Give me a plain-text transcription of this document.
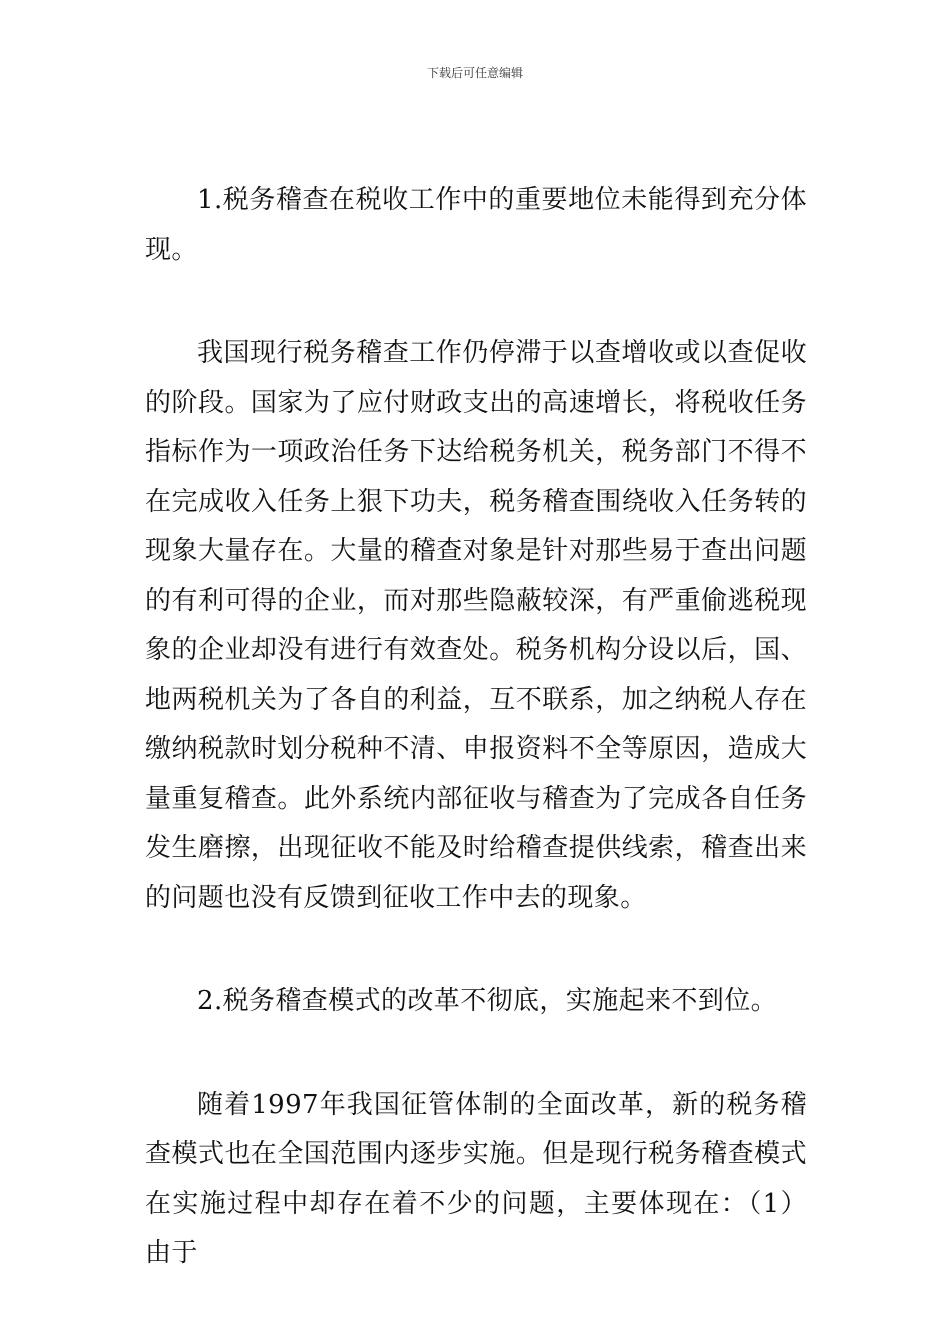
下载后可任意编辑

1.税务稽查在税收工作中的重要地位未能得到充分体现。

我国现行税务稽查工作仍停滞于以查增收或以查促收的阶段。国家为了应付财政支出的高速增长，将税收任务指标作为一项政治任务下达给税务机关，税务部门不得不在完成收入任务上狠下功夫，税务稽查围绕收入任务转的现象大量存在。大量的稽查对象是针对那些易于查出问题的有利可得的企业，而对那些隐蔽较深，有严重偷逃税现象的企业却没有进行有效查处。税务机构分设以后，国、地两税机关为了各自的利益，互不联系，加之纳税人存在缴纳税款时划分税种不清、申报资料不全等原因，造成大量重复稽查。此外系统内部征收与稽查为了完成各自任务发生磨擦，出现征收不能及时给稽查提供线索，稽查出来的问题也没有反馈到征收工作中去的现象。

2.税务稽查模式的改革不彻底，实施起来不到位。

随着1997年我国征管体制的全面改革，新的税务稽查模式也在全国范围内逐步实施。但是现行税务稽查模式在实施过程中却存在着不少的问题，主要体现在：（1）由于
